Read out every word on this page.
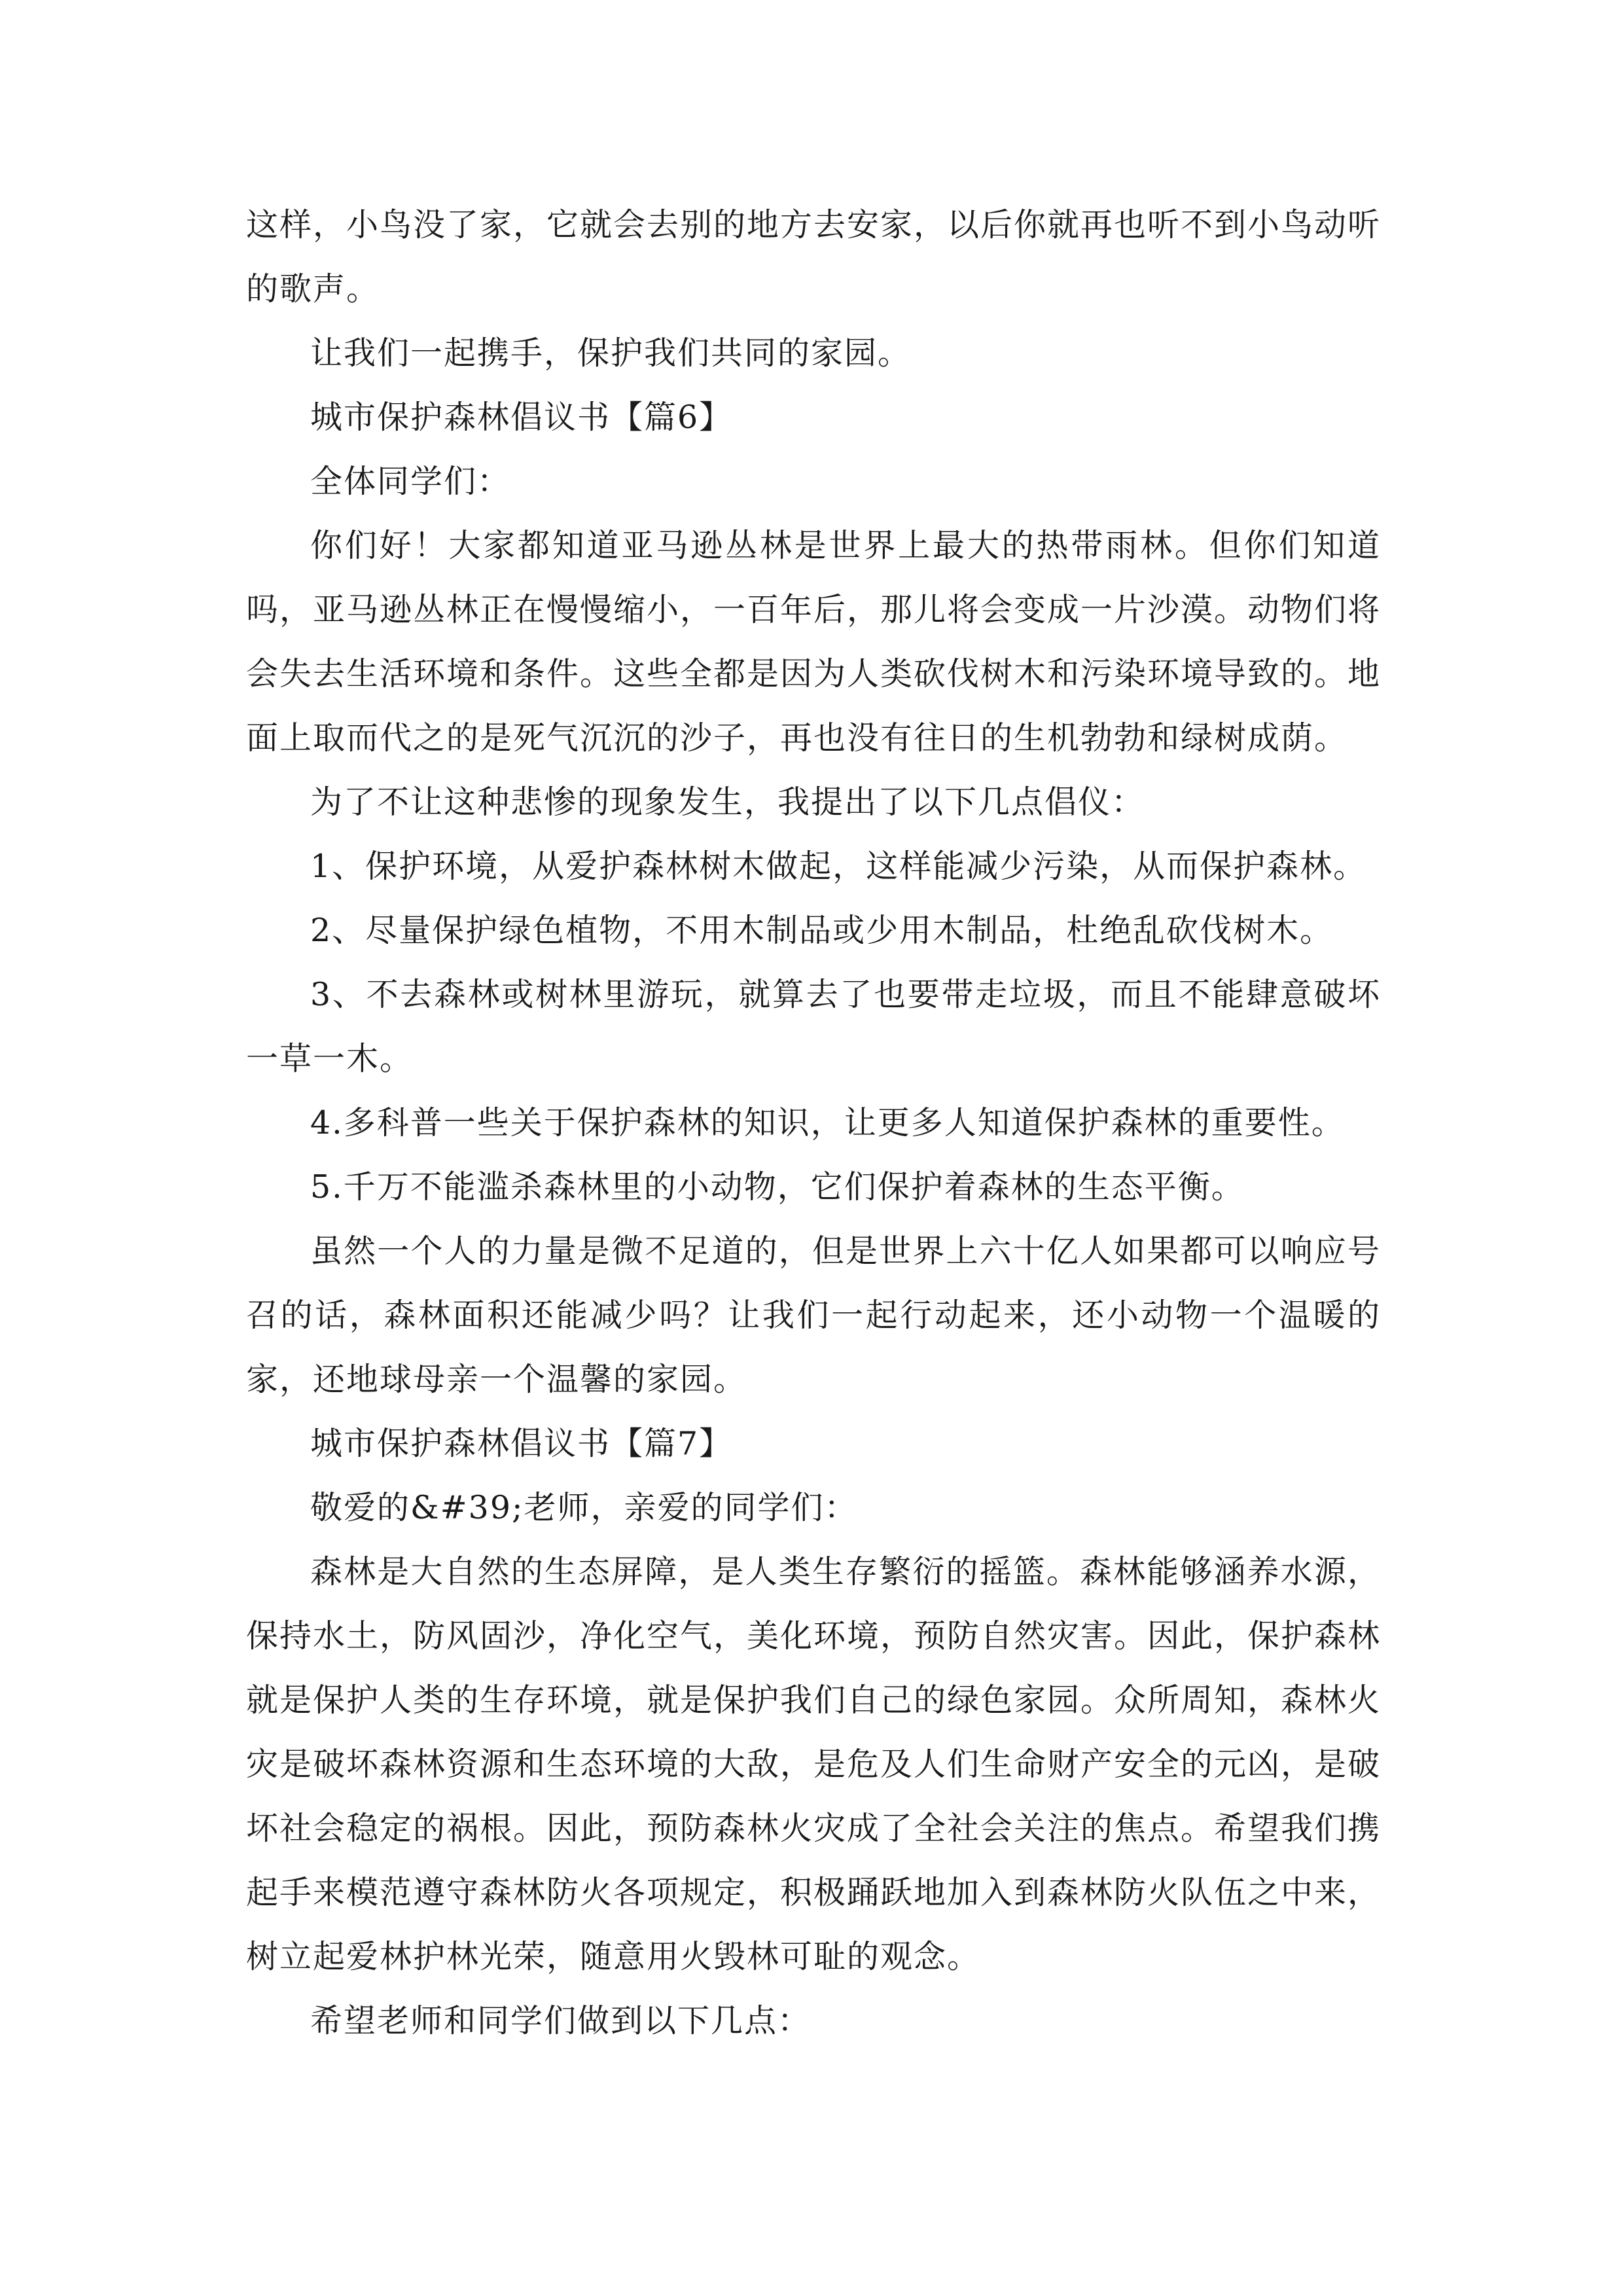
这样，小鸟没了家，它就会去别的地方去安家，以后你就再也听不到小鸟动听的歌声。

让我们一起携手，保护我们共同的家园。

城市保护森林倡议书【篇6】

全体同学们：

你们好！大家都知道亚马逊丛林是世界上最大的热带雨林。但你们知道吗，亚马逊丛林正在慢慢缩小，一百年后，那儿将会变成一片沙漠。动物们将会失去生活环境和条件。这些全都是因为人类砍伐树木和污染环境导致的。地面上取而代之的是死气沉沉的沙子，再也没有往日的生机勃勃和绿树成荫。

为了不让这种悲惨的现象发生，我提出了以下几点倡仪：

1、保护环境，从爱护森林树木做起，这样能减少污染，从而保护森林。

2、尽量保护绿色植物，不用木制品或少用木制品，杜绝乱砍伐树木。

3、不去森林或树林里游玩，就算去了也要带走垃圾，而且不能肆意破坏一草一木。

4.多科普一些关于保护森林的知识，让更多人知道保护森林的重要性。

5.千万不能滥杀森林里的小动物，它们保护着森林的生态平衡。

虽然一个人的力量是微不足道的，但是世界上六十亿人如果都可以响应号召的话，森林面积还能减少吗？让我们一起行动起来，还小动物一个温暖的家，还地球母亲一个温馨的家园。

城市保护森林倡议书【篇7】

敬爱的&#39;老师，亲爱的同学们：

森林是大自然的生态屏障，是人类生存繁衍的摇篮。森林能够涵养水源，保持水土，防风固沙，净化空气，美化环境，预防自然灾害。因此，保护森林就是保护人类的生存环境，就是保护我们自己的绿色家园。众所周知，森林火灾是破坏森林资源和生态环境的大敌，是危及人们生命财产安全的元凶，是破坏社会稳定的祸根。因此，预防森林火灾成了全社会关注的焦点。希望我们携起手来模范遵守森林防火各项规定，积极踊跃地加入到森林防火队伍之中来，树立起爱林护林光荣，随意用火毁林可耻的观念。

希望老师和同学们做到以下几点：
